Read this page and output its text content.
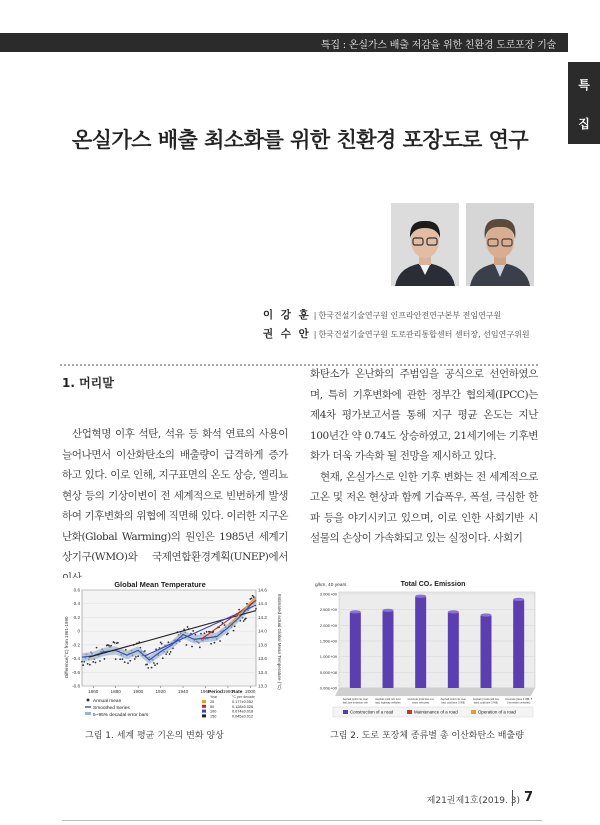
특집 : 온실가스 배출 저감을 위한 친환경 도로포장 기술
특
집
온실가스 배출 최소화를 위한 친환경 포장도로 연구
이 강 훈 | 한국건설기술연구원 인프라안전연구본부 전임연구원
권 수 안 | 한국건설기술연구원 도로관리통합센터 센터장, 선임연구위원
1. 머리말

산업혁명 이후 석탄, 석유 등 화석 연료의 사용이 늘어나면서 이산화탄소의 배출량이 급격하게 증가하고 있다. 이로 인해, 지구표면의 온도 상승, 엘리뇨 현상 등의 기상이변이 전 세계적으로 빈번하게 발생하여 기후변화의 위협에 직면해 있다. 이러한 지구온난화(Global Warming)의 원인은 1985년 세계기상기구(WMO)와 국제연합환경계획(UNEP)에서

화탄소가 온난화의 주범임을 공식으로 선언하였으며, 특히 기후변화에 관한 정부간 협의체(IPCC)는 제4차 평가보고서를 통해 지구 평균 온도는 지난 100년간 약 0.74도 상승하였고, 21세기에는 기후변화가 더욱 가속화 될 전망을 제시하고 있다.

현재, 온실가스로 인한 기후 변화는 전 세계적으로 고온 및 저온 현상과 함께 기습폭우, 폭설, 극심한 한파 등을 야기시키고 있으며, 이로 인한 사회기반 시설물의 손상이 가속화되고 있는 실정이다. 사회기

Global Mean Temperature
Difference(°C) from 1961-1990	Estimated actual Global Mean Temperature (°C)
0.6
0.4
0.2
0
-0.2
-0.4
-0.6
-0.8
14.6
14.4
14.2
14.0
13.8
13.6
13.4
13.3
1860	1880	1900	1920	1940	1960	1980	2000
Annual mean
Smoothed Series
5~95% decadal error bars
Period Rate
Year	°C per decade
25	0.177±0.052
50	0.128±0.026
100	0.074±0.018
150	0.045±0.012
그림 1. 세계 평균 기온의 변화 양상
Total CO₂ Emission
g/km, 40 years
0.00E+00
5.00E+08
1.00E+09
1.50E+09
2.00E+09
2.50E+09
3.00E+09
Asphalt (cold mix over
laid, low emission veh
Asphalt (cold mix over
laid, highway vehicles
Concrete (cold low emi
ssion vehicles)
Asphalt (cold mix over
laid, cold lane 3 WB,
Asphalt (mold cold ove
rlaid, cold lane 3 WB,
Concrete (lane 3 WB, 5
0 emission vehicles)
Construction of a road	Maintenance of a road	Operation of a road
그림 2. 도로 포장체 종류별 총 이산화탄소 배출량
제21권제1호(2019. 3) 7
